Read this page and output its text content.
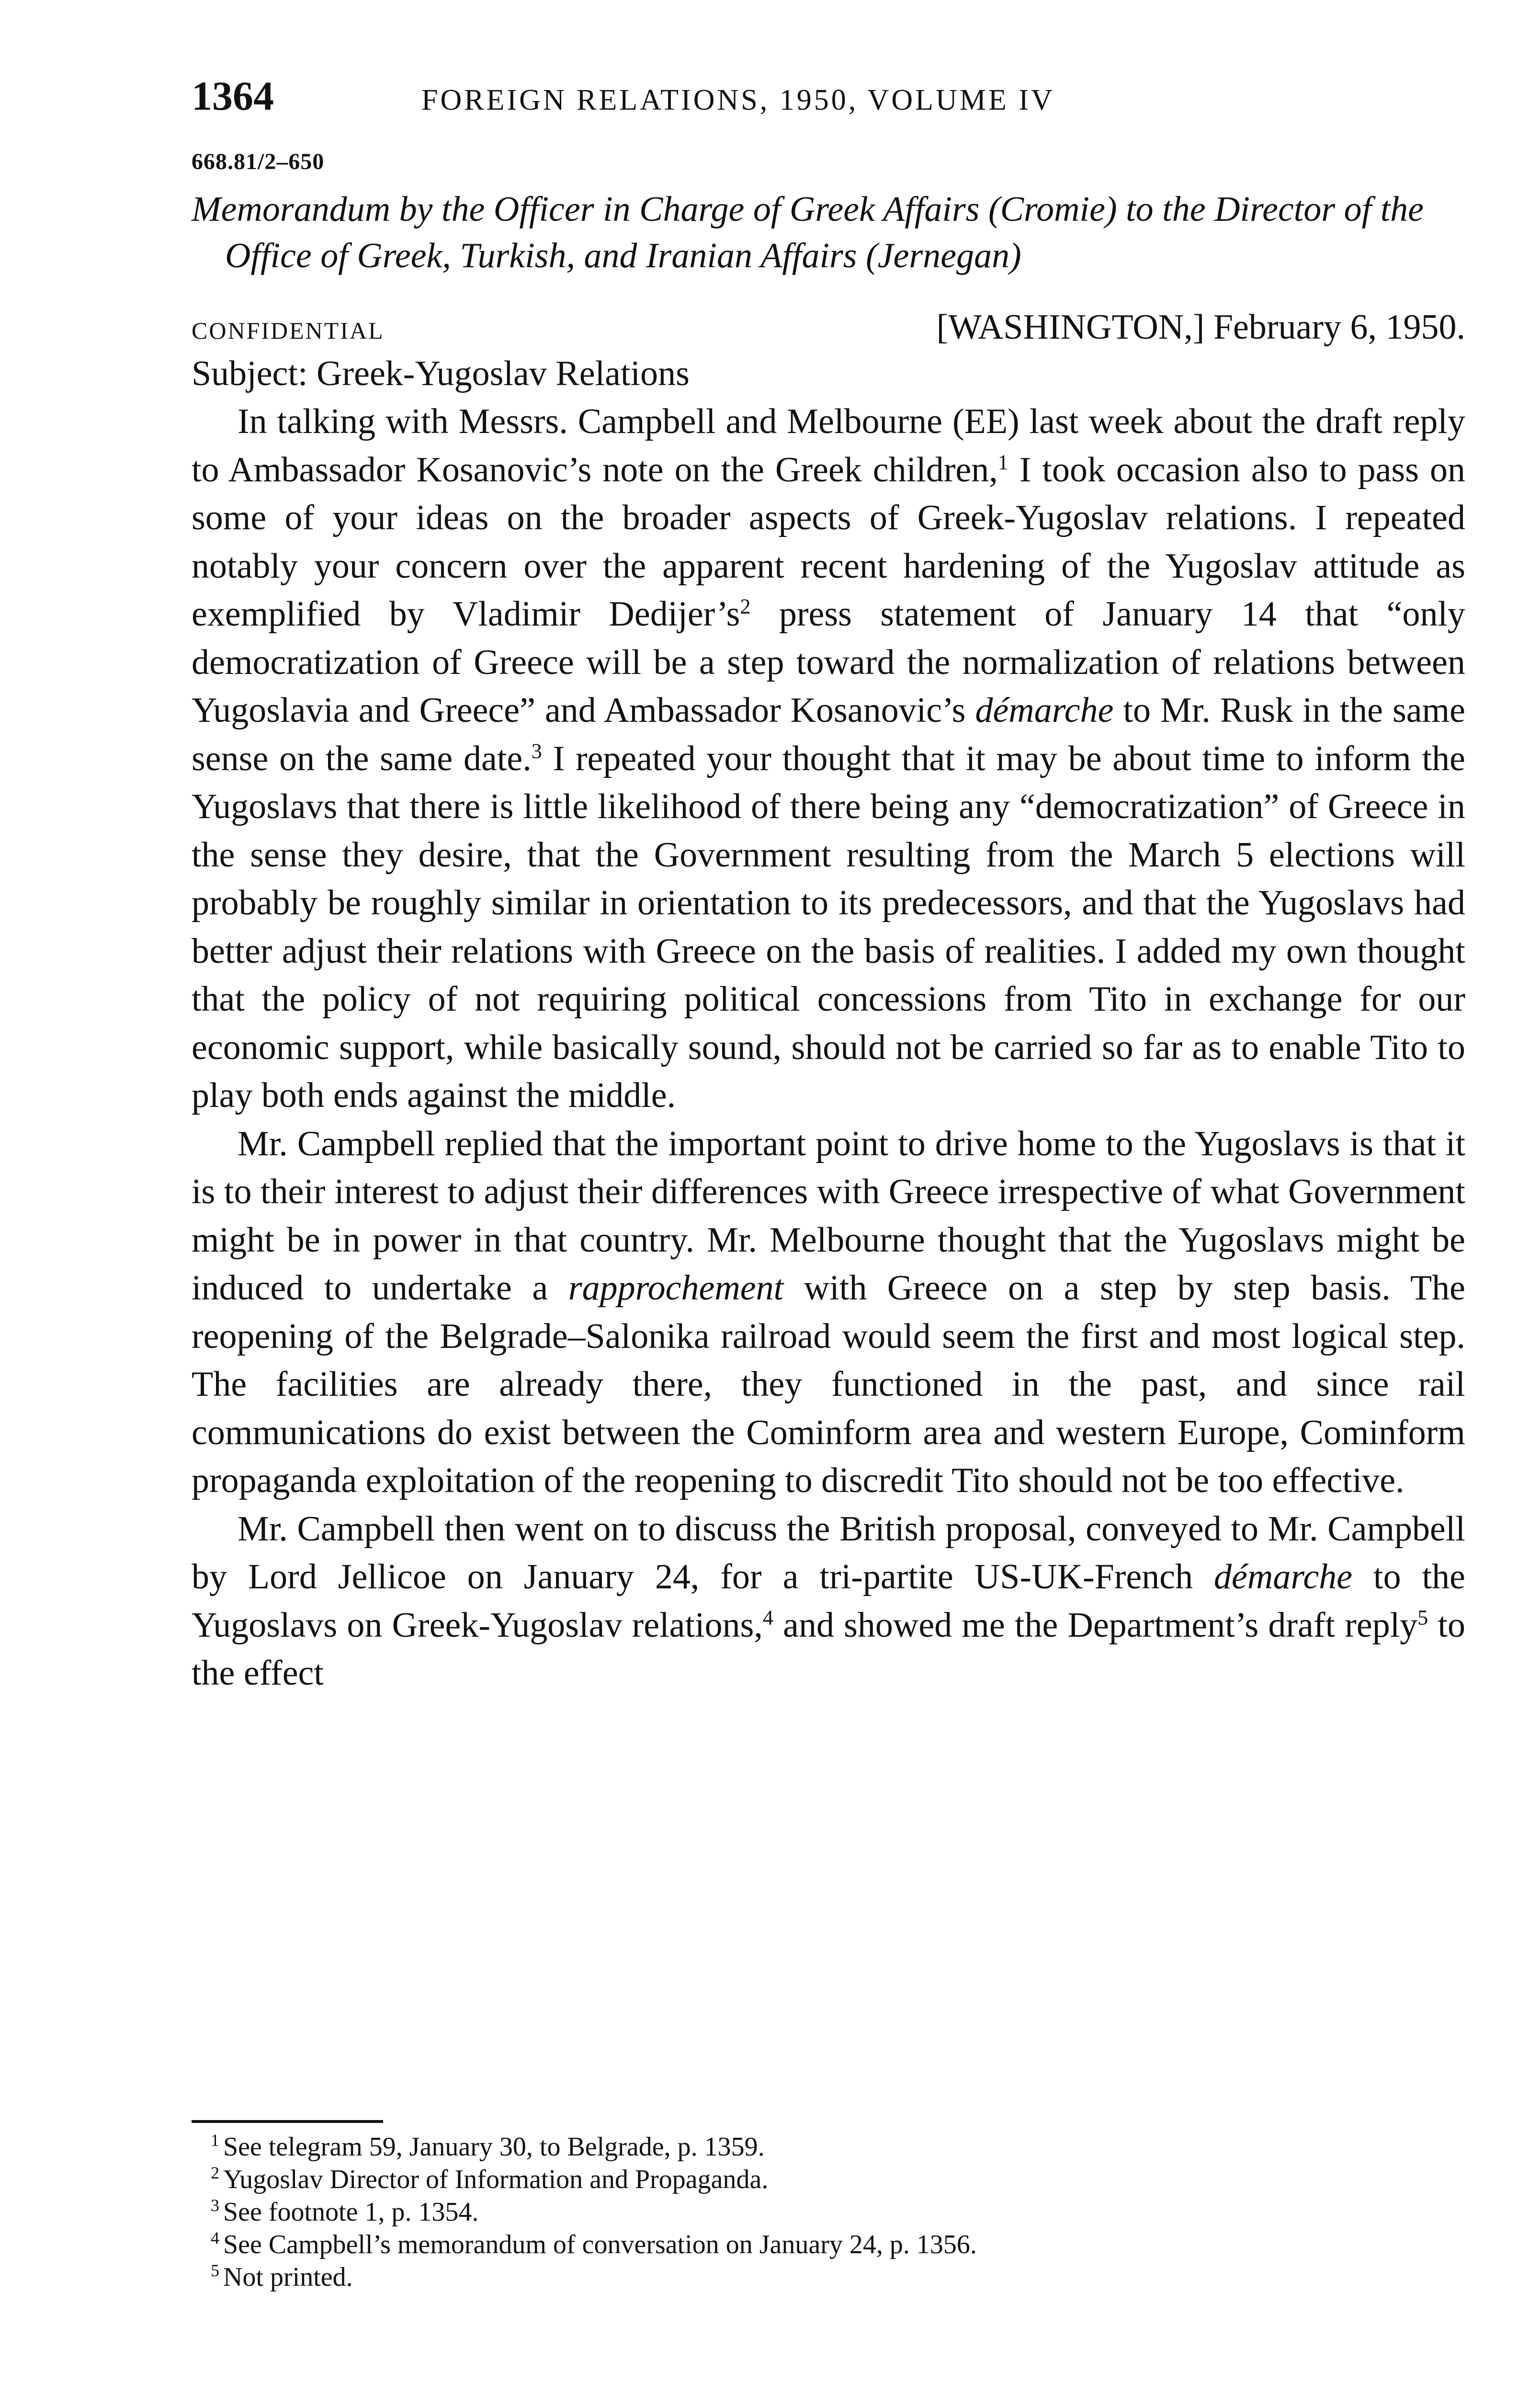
1364	FOREIGN RELATIONS, 1950, VOLUME IV
668.81/2–650
Memorandum by the Officer in Charge of Greek Affairs (Cromie) to the Director of the Office of Greek, Turkish, and Iranian Affairs (Jernegan)
CONFIDENTIAL	[WASHINGTON,] February 6, 1950.
Subject: Greek-Yugoslav Relations

In talking with Messrs. Campbell and Melbourne (EE) last week about the draft reply to Ambassador Kosanovic’s note on the Greek children,$^1$ I took occasion also to pass on some of your ideas on the broader aspects of Greek-Yugoslav relations. I repeated notably your concern over the apparent recent hardening of the Yugoslav attitude as exemplified by Vladimir Dedijer’s$^2$ press statement of January 14 that “only democratization of Greece will be a step toward the normalization of relations between Yugoslavia and Greece” and Ambassador Kosanovic’s démarche to Mr. Rusk in the same sense on the same date.$^3$ I repeated your thought that it may be about time to inform the Yugoslavs that there is little likelihood of there being any “democratization” of Greece in the sense they desire, that the Government resulting from the March 5 elections will probably be roughly similar in orientation to its predecessors, and that the Yugoslavs had better adjust their relations with Greece on the basis of realities. I added my own thought that the policy of not requiring political concessions from Tito in exchange for our economic support, while basically sound, should not be carried so far as to enable Tito to play both ends against the middle.

Mr. Campbell replied that the important point to drive home to the Yugoslavs is that it is to their interest to adjust their differences with Greece irrespective of what Government might be in power in that country. Mr. Melbourne thought that the Yugoslavs might be induced to undertake a rapprochement with Greece on a step by step basis. The reopening of the Belgrade–Salonika railroad would seem the first and most logical step. The facilities are already there, they functioned in the past, and since rail communications do exist between the Cominform area and western Europe, Cominform propaganda exploitation of the reopening to discredit Tito should not be too effective.

Mr. Campbell then went on to discuss the British proposal, conveyed to Mr. Campbell by Lord Jellicoe on January 24, for a tri-partite US-UK-French démarche to the Yugoslavs on Greek-Yugoslav relations,$^4$ and showed me the Department’s draft reply$^5$ to the effect

$^1$ See telegram 59, January 30, to Belgrade, p. 1359.
$^2$ Yugoslav Director of Information and Propaganda.
$^3$ See footnote 1, p. 1354.
$^4$ See Campbell’s memorandum of conversation on January 24, p. 1356.
$^5$ Not printed.
